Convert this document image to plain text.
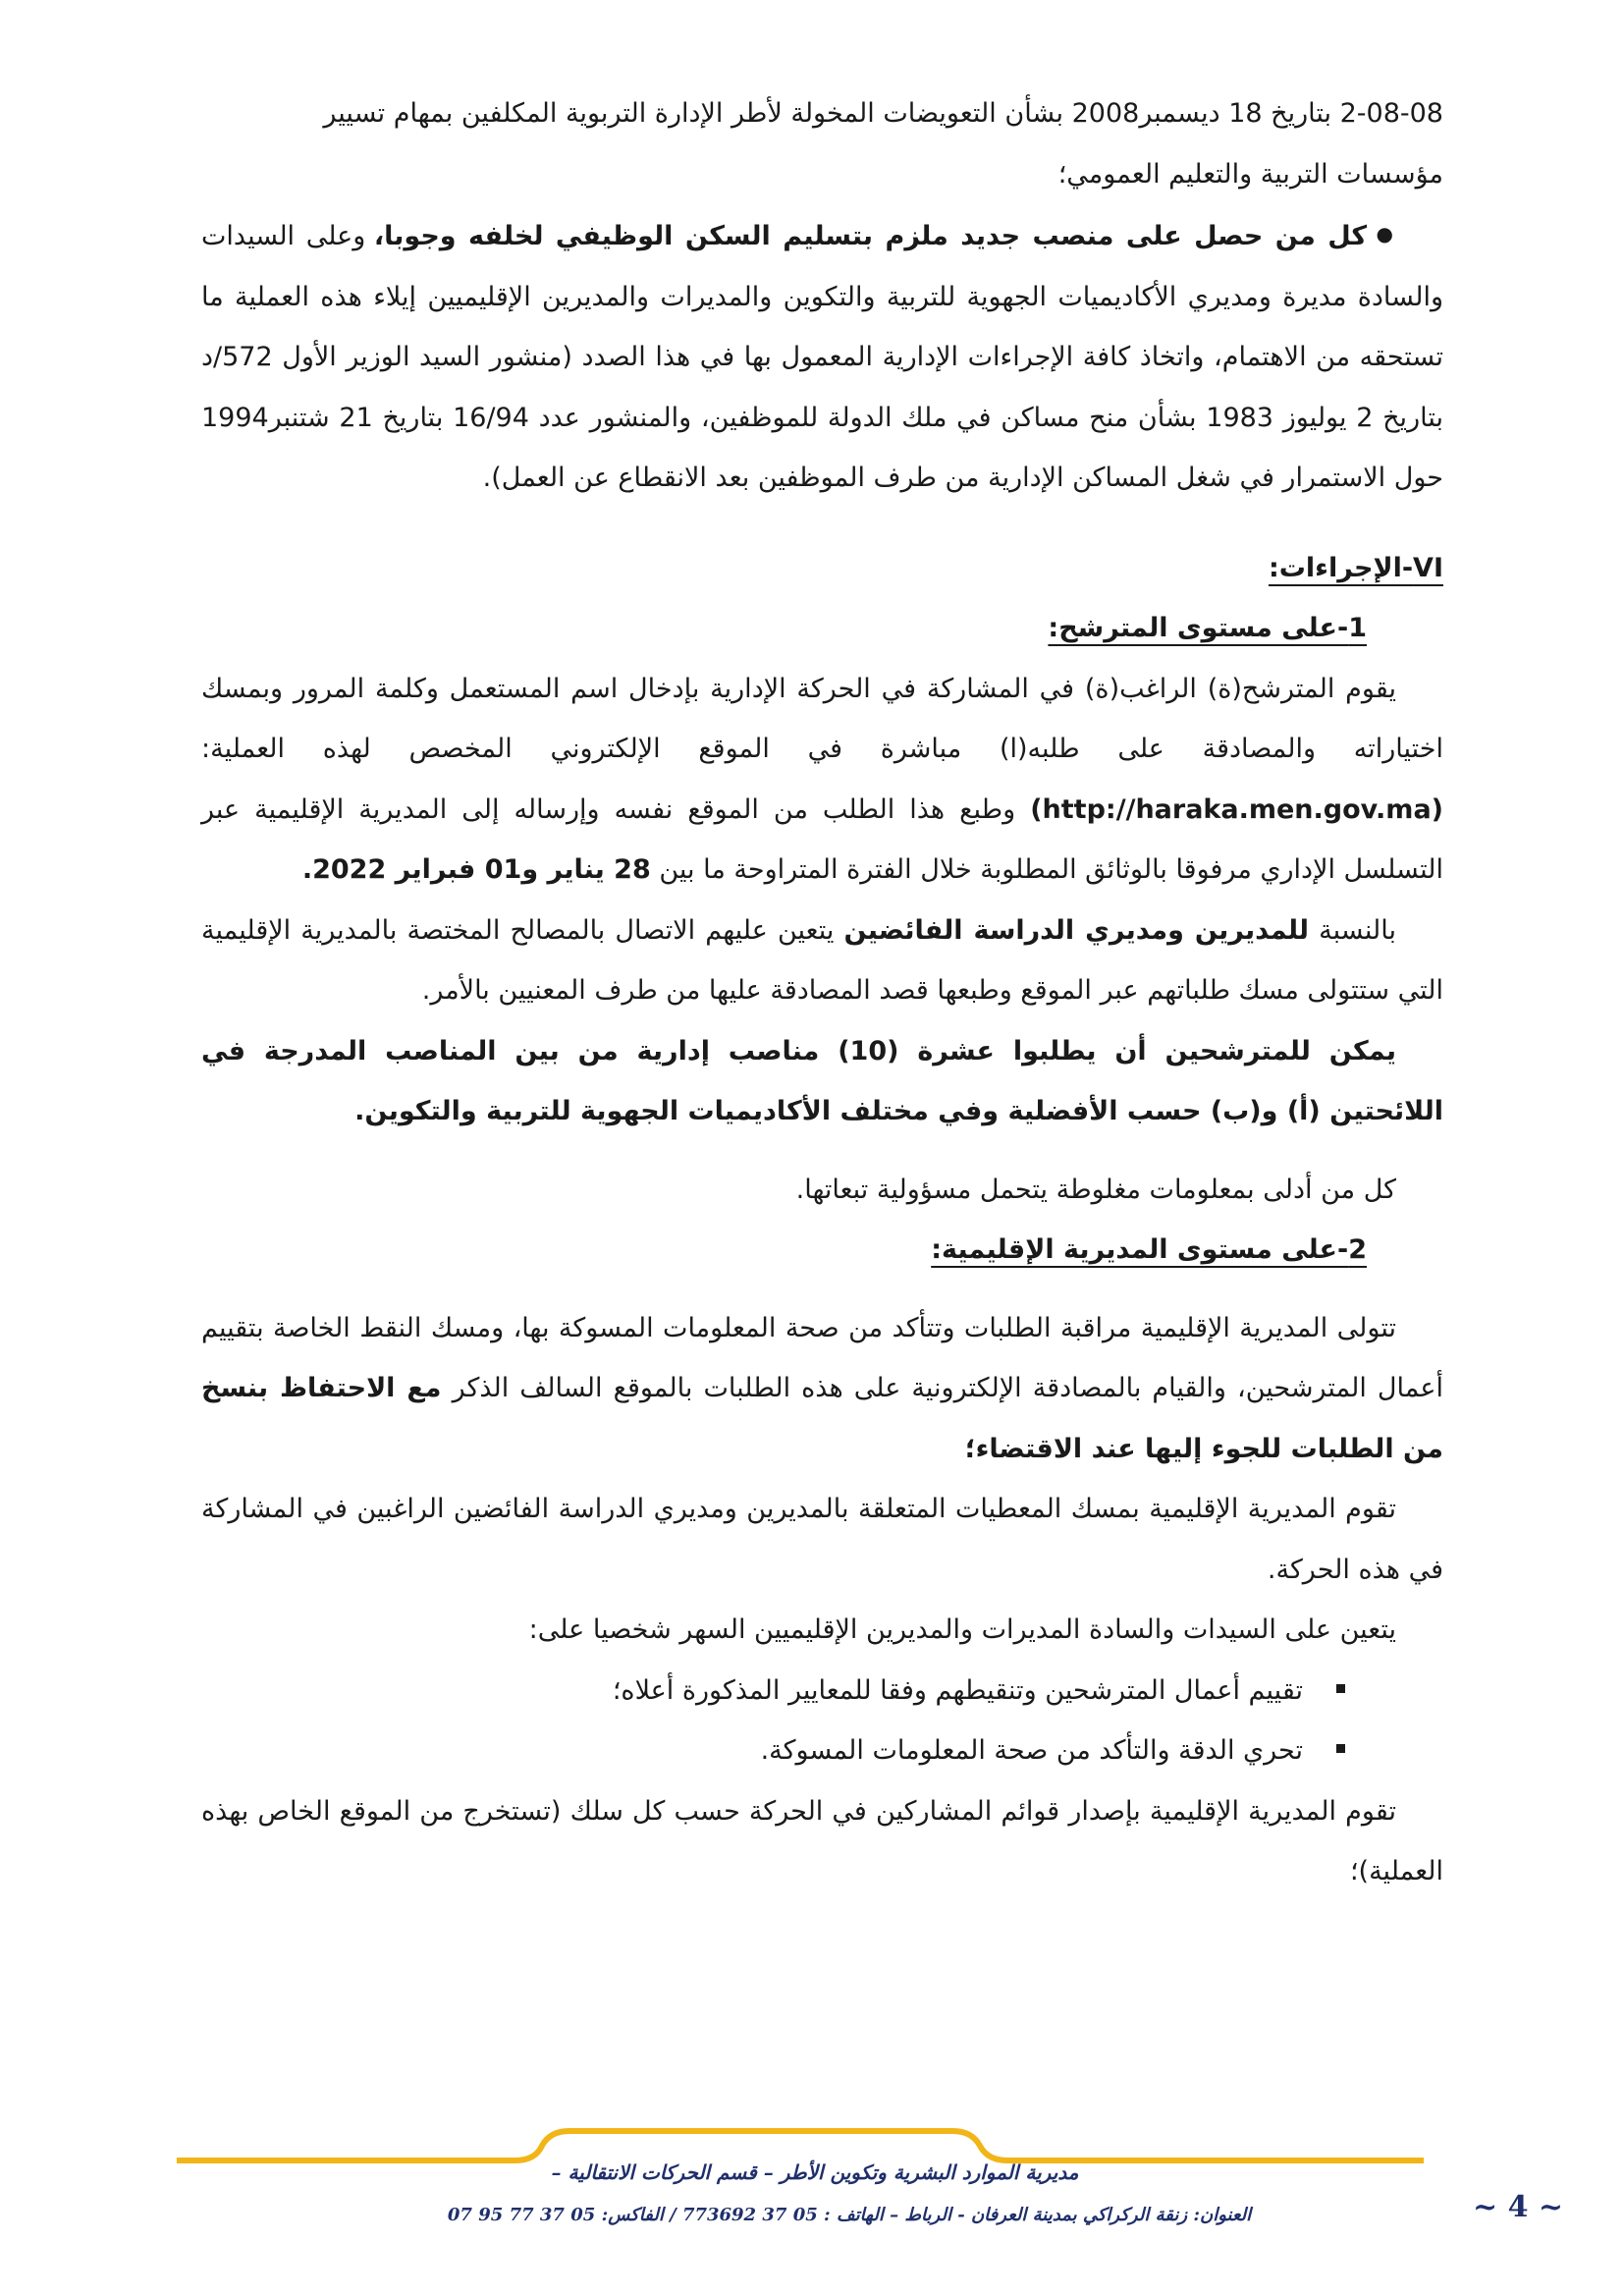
2-08-08 بتاريخ 18 ديسمبر2008 بشأن التعويضات المخولة لأطر الإدارة التربوية المكلفين بمهام تسيير
مؤسسات التربية والتعليم العمومي؛

● كل من حصل على منصب جديد ملزم بتسليم السكن الوظيفي لخلفه وجوبا، وعلى السيدات والسادة مديرة ومديري الأكاديميات الجهوية للتربية والتكوين والمديرات والمديرين الإقليميين إيلاء هذه العملية ما تستحقه من الاهتمام، واتخاذ كافة الإجراءات الإدارية المعمول بها في هذا الصدد (منشور السيد الوزير الأول 572/د بتاريخ 2 يوليوز 1983 بشأن منح مساكن في ملك الدولة للموظفين، والمنشور عدد 16/94 بتاريخ 21 شتنبر1994 حول الاستمرار في شغل المساكن الإدارية من طرف الموظفين بعد الانقطاع عن العمل).

VI-الإجراءات:

1-على مستوى المترشح:

يقوم المترشح(ة) الراغب(ة) في المشاركة في الحركة الإدارية بإدخال اسم المستعمل وكلمة المرور وبمسك اختياراته والمصادقة على طلبه(ا) مباشرة في الموقع الإلكتروني المخصص لهذه العملية: (http://haraka.men.gov.ma) وطبع هذا الطلب من الموقع نفسه وإرساله إلى المديرية الإقليمية عبر التسلسل الإداري مرفوقا بالوثائق المطلوبة خلال الفترة المتراوحة ما بين 28 يناير و01 فبراير 2022.

بالنسبة للمديرين ومديري الدراسة الفائضين يتعين عليهم الاتصال بالمصالح المختصة بالمديرية الإقليمية التي ستتولى مسك طلباتهم عبر الموقع وطبعها قصد المصادقة عليها من طرف المعنيين بالأمر.

يمكن للمترشحين أن يطلبوا عشرة (10) مناصب إدارية من بين المناصب المدرجة في اللائحتين (أ) و(ب) حسب الأفضلية وفي مختلف الأكاديميات الجهوية للتربية والتكوين.

كل من أدلى بمعلومات مغلوطة يتحمل مسؤولية تبعاتها.

2-على مستوى المديرية الإقليمية:

تتولى المديرية الإقليمية مراقبة الطلبات وتتأكد من صحة المعلومات المسوكة بها، ومسك النقط الخاصة بتقييم أعمال المترشحين، والقيام بالمصادقة الإلكترونية على هذه الطلبات بالموقع السالف الذكر مع الاحتفاظ بنسخ من الطلبات للجوء إليها عند الاقتضاء؛

تقوم المديرية الإقليمية بمسك المعطيات المتعلقة بالمديرين ومديري الدراسة الفائضين الراغبين في المشاركة في هذه الحركة.

يتعين على السيدات والسادة المديرات والمديرين الإقليميين السهر شخصيا على:

تقييم أعمال المترشحين وتنقيطهم وفقا للمعايير المذكورة أعلاه؛

تحري الدقة والتأكد من صحة المعلومات المسوكة.

تقوم المديرية الإقليمية بإصدار قوائم المشاركين في الحركة حسب كل سلك (تستخرج من الموقع الخاص بهذه العملية)؛

مديرية الموارد البشرية وتكوين الأطر – قسم الحركات الانتقالية –
العنوان: زنقة الركراكي بمدينة العرفان - الرباط – الهاتف : 05 37 773692 / الفاكس: 05 37 77 95 07	~ 4 ~
